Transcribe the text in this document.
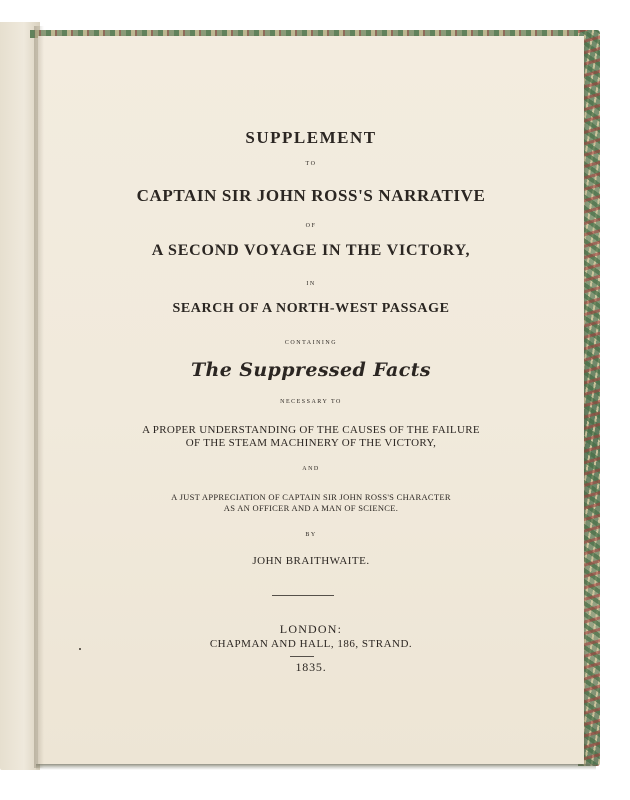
SUPPLEMENT
TO
CAPTAIN SIR JOHN ROSS'S NARRATIVE
OF
A SECOND VOYAGE IN THE VICTORY,
IN
SEARCH OF A NORTH-WEST PASSAGE
CONTAINING
The Suppressed Facts
NECESSARY TO
A PROPER UNDERSTANDING OF THE CAUSES OF THE FAILURE
OF THE STEAM MACHINERY OF THE VICTORY,
AND
A JUST APPRECIATION OF CAPTAIN SIR JOHN ROSS'S CHARACTER
AS AN OFFICER AND A MAN OF SCIENCE.
BY
JOHN BRAITHWAITE.
LONDON:
CHAPMAN AND HALL, 186, STRAND.
1835.
